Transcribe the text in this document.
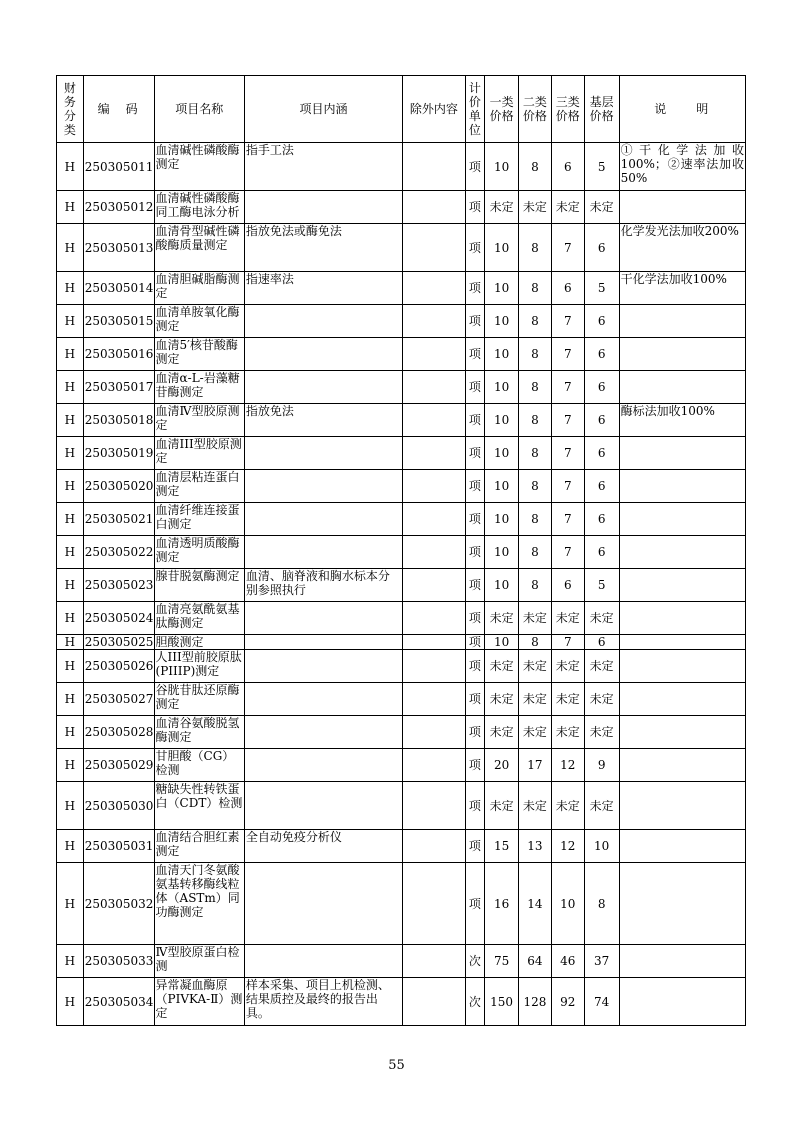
财务分类	编　码	项目名称	项目内涵	除外内容	计价单位	一类价格	二类价格	三类价格	基层价格	说　　明
H	250305011	血清碱性磷酸酶测定	指手工法		项	10	8	6	5	①干化学法加收100%；②速率法加收50%
H	250305012	血清碱性磷酸酶同工酶电泳分析			项	未定	未定	未定	未定	
H	250305013	血清骨型碱性磷酸酶质量测定	指放免法或酶免法		项	10	8	7	6	化学发光法加收200%
H	250305014	血清胆碱脂酶测定	指速率法		项	10	8	6	5	干化学法加收100%
H	250305015	血清单胺氧化酶测定			项	10	8	7	6	
H	250305016	血清5′核苷酸酶测定			项	10	8	7	6	
H	250305017	血清α-L-岩藻糖苷酶测定			项	10	8	7	6	
H	250305018	血清Ⅳ型胶原测定	指放免法		项	10	8	7	6	酶标法加收100%
H	250305019	血清III型胶原测定			项	10	8	7	6	
H	250305020	血清层粘连蛋白测定			项	10	8	7	6	
H	250305021	血清纤维连接蛋白测定			项	10	8	7	6	
H	250305022	血清透明质酸酶测定			项	10	8	7	6	
H	250305023	腺苷脱氨酶测定	血清、脑脊液和胸水标本分别参照执行		项	10	8	6	5	
H	250305024	血清亮氨酰氨基肽酶测定			项	未定	未定	未定	未定	
H	250305025	胆酸测定			项	10	8	7	6	
H	250305026	人III型前胶原肽(PIIIP)测定			项	未定	未定	未定	未定	
H	250305027	谷胱苷肽还原酶测定			项	未定	未定	未定	未定	
H	250305028	血清谷氨酸脱氢酶测定			项	未定	未定	未定	未定	
H	250305029	甘胆酸（CG）检测			项	20	17	12	9	
H	250305030	糖缺失性转铁蛋白（CDT）检测			项	未定	未定	未定	未定	
H	250305031	血清结合胆红素测定	全自动免疫分析仪		项	15	13	12	10	
H	250305032	血清天门冬氨酸氨基转移酶线粒体（ASTm）同功酶测定			项	16	14	10	8	
H	250305033	Ⅳ型胶原蛋白检测			次	75	64	46	37	
H	250305034	异常凝血酶原（PIVKA-Ⅱ）测定	样本采集、项目上机检测、结果质控及最终的报告出具。		次	150	128	92	74	
55
